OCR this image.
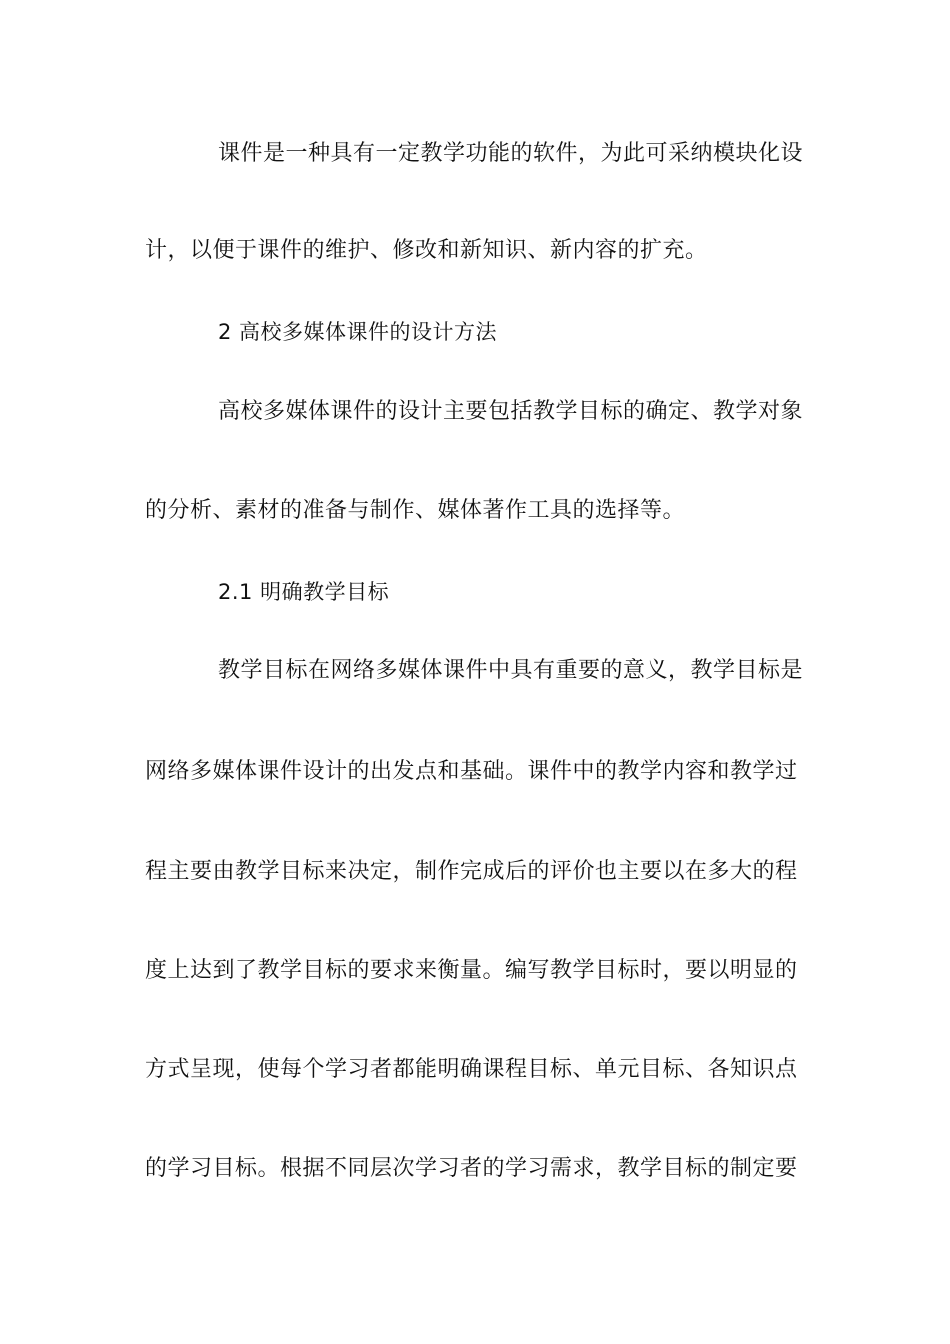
课件是一种具有一定教学功能的软件，为此可采纳模块化设
计，以便于课件的维护、修改和新知识、新内容的扩充。
2 高校多媒体课件的设计方法
高校多媒体课件的设计主要包括教学目标的确定、教学对象
的分析、素材的准备与制作、媒体著作工具的选择等。
2.1 明确教学目标
教学目标在网络多媒体课件中具有重要的意义，教学目标是
网络多媒体课件设计的出发点和基础。课件中的教学内容和教学过
程主要由教学目标来决定，制作完成后的评价也主要以在多大的程
度上达到了教学目标的要求来衡量。编写教学目标时，要以明显的
方式呈现，使每个学习者都能明确课程目标、单元目标、各知识点
的学习目标。根据不同层次学习者的学习需求，教学目标的制定要
